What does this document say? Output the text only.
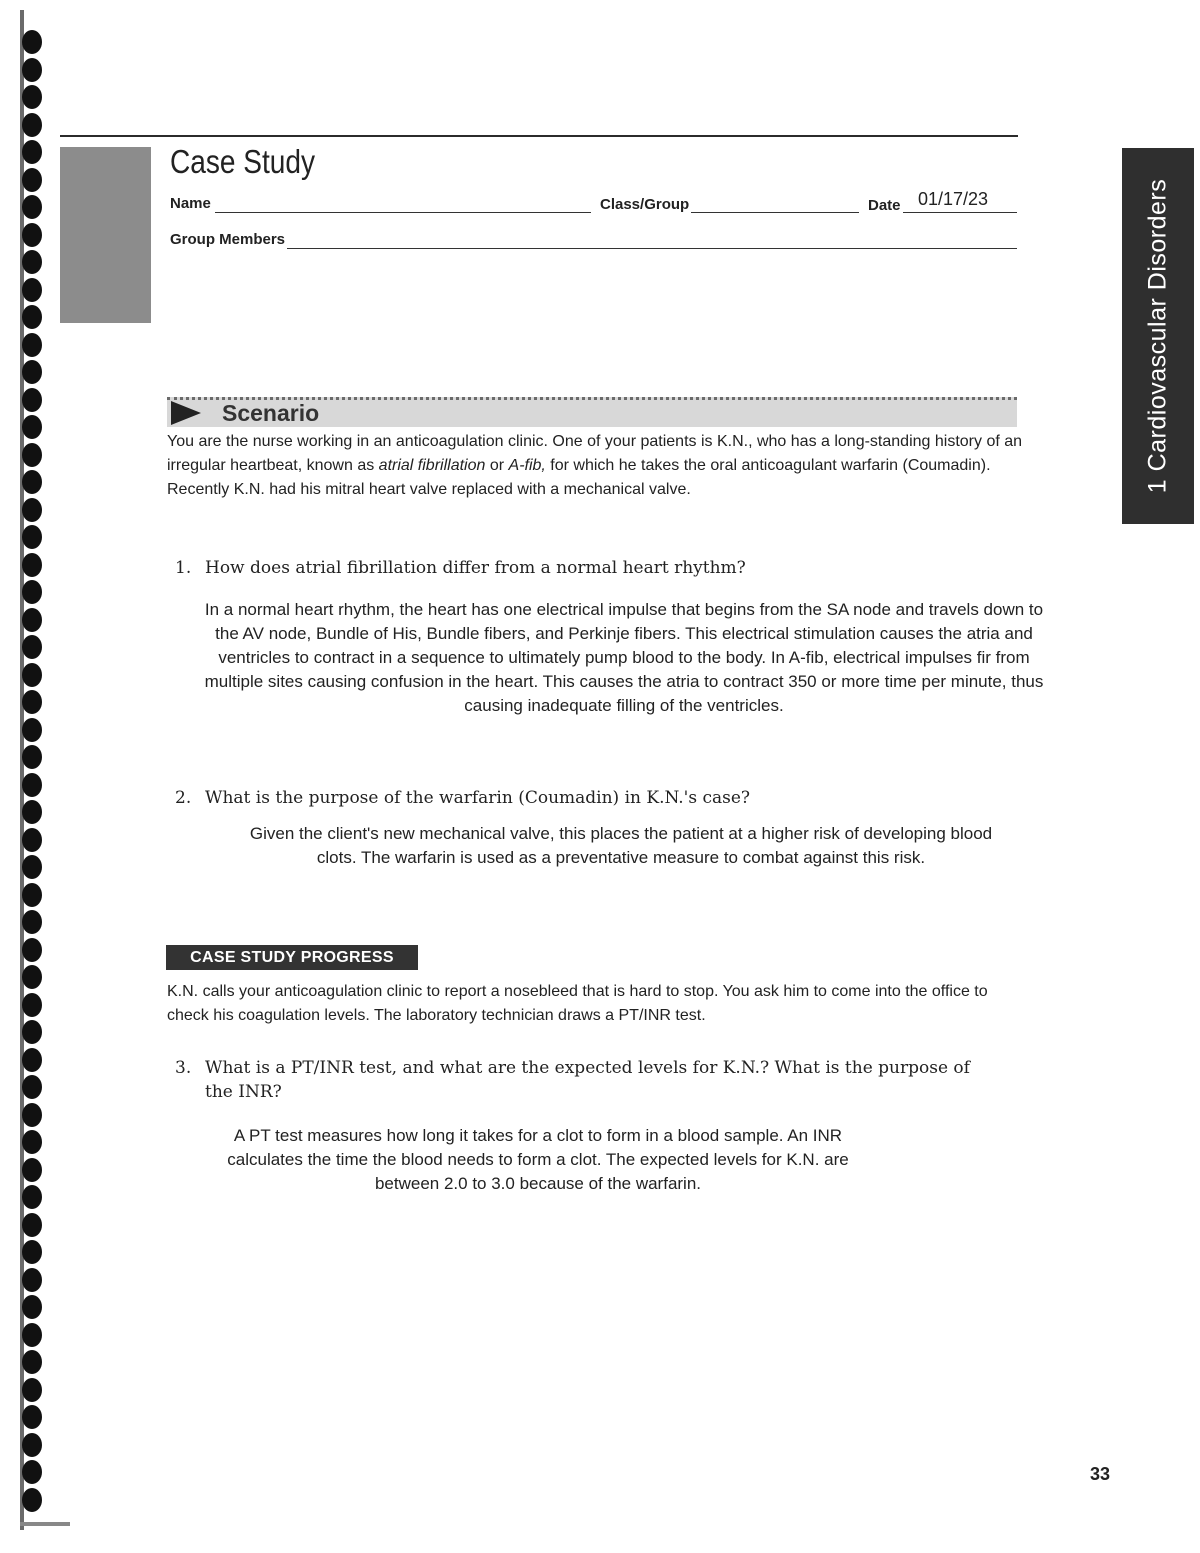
1 Cardiovascular Disorders
Case Study
Name	Class/Group	Date 01/17/23
Group Members
Scenario
You are the nurse working in an anticoagulation clinic. One of your patients is K.N., who has a long-standing history of an irregular heartbeat, known as atrial fibrillation or A-fib, for which he takes the oral anticoagulant warfarin (Coumadin). Recently K.N. had his mitral heart valve replaced with a mechanical valve.
1. How does atrial fibrillation differ from a normal heart rhythm?
In a normal heart rhythm, the heart has one electrical impulse that begins from the SA node and travels down to the AV node, Bundle of His, Bundle fibers, and Perkinje fibers. This electrical stimulation causes the atria and ventricles to contract in a sequence to ultimately pump blood to the body. In A-fib, electrical impulses fir from multiple sites causing confusion in the heart. This causes the atria to contract 350 or more time per minute, thus causing inadequate filling of the ventricles.
2. What is the purpose of the warfarin (Coumadin) in K.N.'s case?
Given the client's new mechanical valve, this places the patient at a higher risk of developing blood clots. The warfarin is used as a preventative measure to combat against this risk.
CASE STUDY PROGRESS
K.N. calls your anticoagulation clinic to report a nosebleed that is hard to stop. You ask him to come into the office to check his coagulation levels. The laboratory technician draws a PT/INR test.
3. What is a PT/INR test, and what are the expected levels for K.N.? What is the purpose of the INR?
A PT test measures how long it takes for a clot to form in a blood sample. An INR calculates the time the blood needs to form a clot. The expected levels for K.N. are between 2.0 to 3.0 because of the warfarin.
33
